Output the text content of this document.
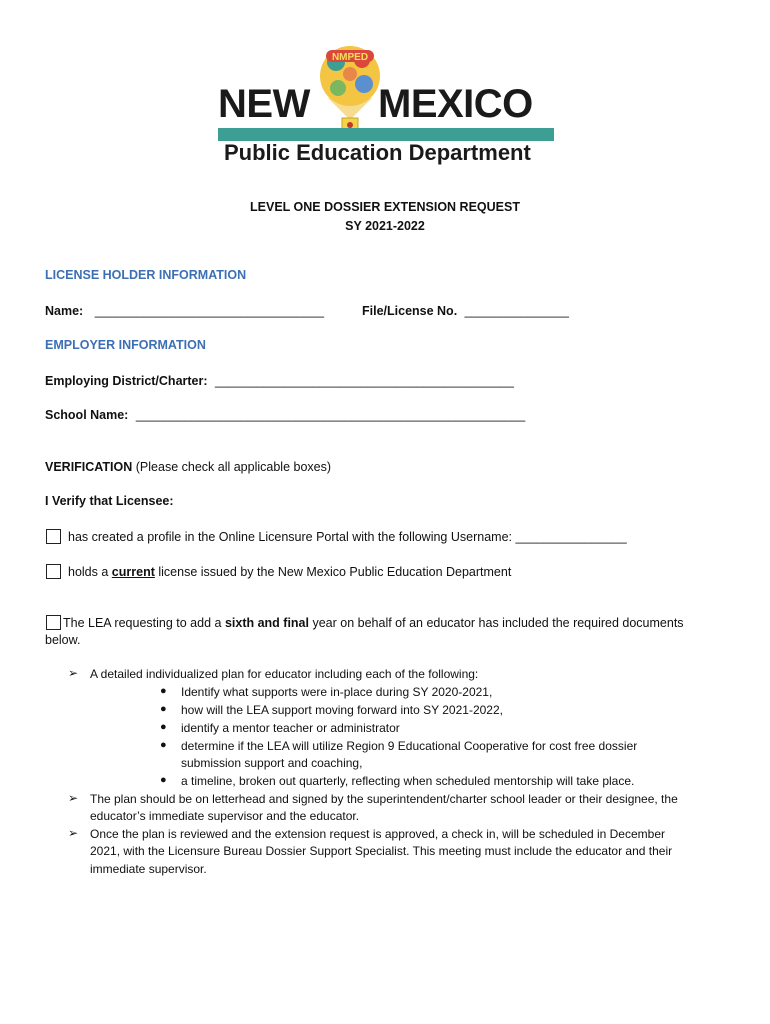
NMPED
NEW MEXICO
Public Education Department
LEVEL ONE DOSSIER EXTENSION REQUEST
SY 2021-2022
LICENSE HOLDER INFORMATION
Name: _________________________________	File/License No. _______________
EMPLOYER INFORMATION
Employing District/Charter: ___________________________________________
School Name: ________________________________________________________
VERIFICATION (Please check all applicable boxes)
I Verify that Licensee:
has created a profile in the Online Licensure Portal with the following Username: ________________
holds a current license issued by the New Mexico Public Education Department
The LEA requesting to add a sixth and final year on behalf of an educator has included the required documents
below.
➢ A detailed individualized plan for educator including each of the following:
● Identify what supports were in-place during SY 2020-2021,
● how will the LEA support moving forward into SY 2021-2022,
● identify a mentor teacher or administrator
● determine if the LEA will utilize Region 9 Educational Cooperative for cost free dossier
submission support and coaching,
● a timeline, broken out quarterly, reflecting when scheduled mentorship will take place.
➢ The plan should be on letterhead and signed by the superintendent/charter school leader or their designee, the
educator’s immediate supervisor and the educator.
➢ Once the plan is reviewed and the extension request is approved, a check in, will be scheduled in December
2021, with the Licensure Bureau Dossier Support Specialist. This meeting must include the educator and their
immediate supervisor.
